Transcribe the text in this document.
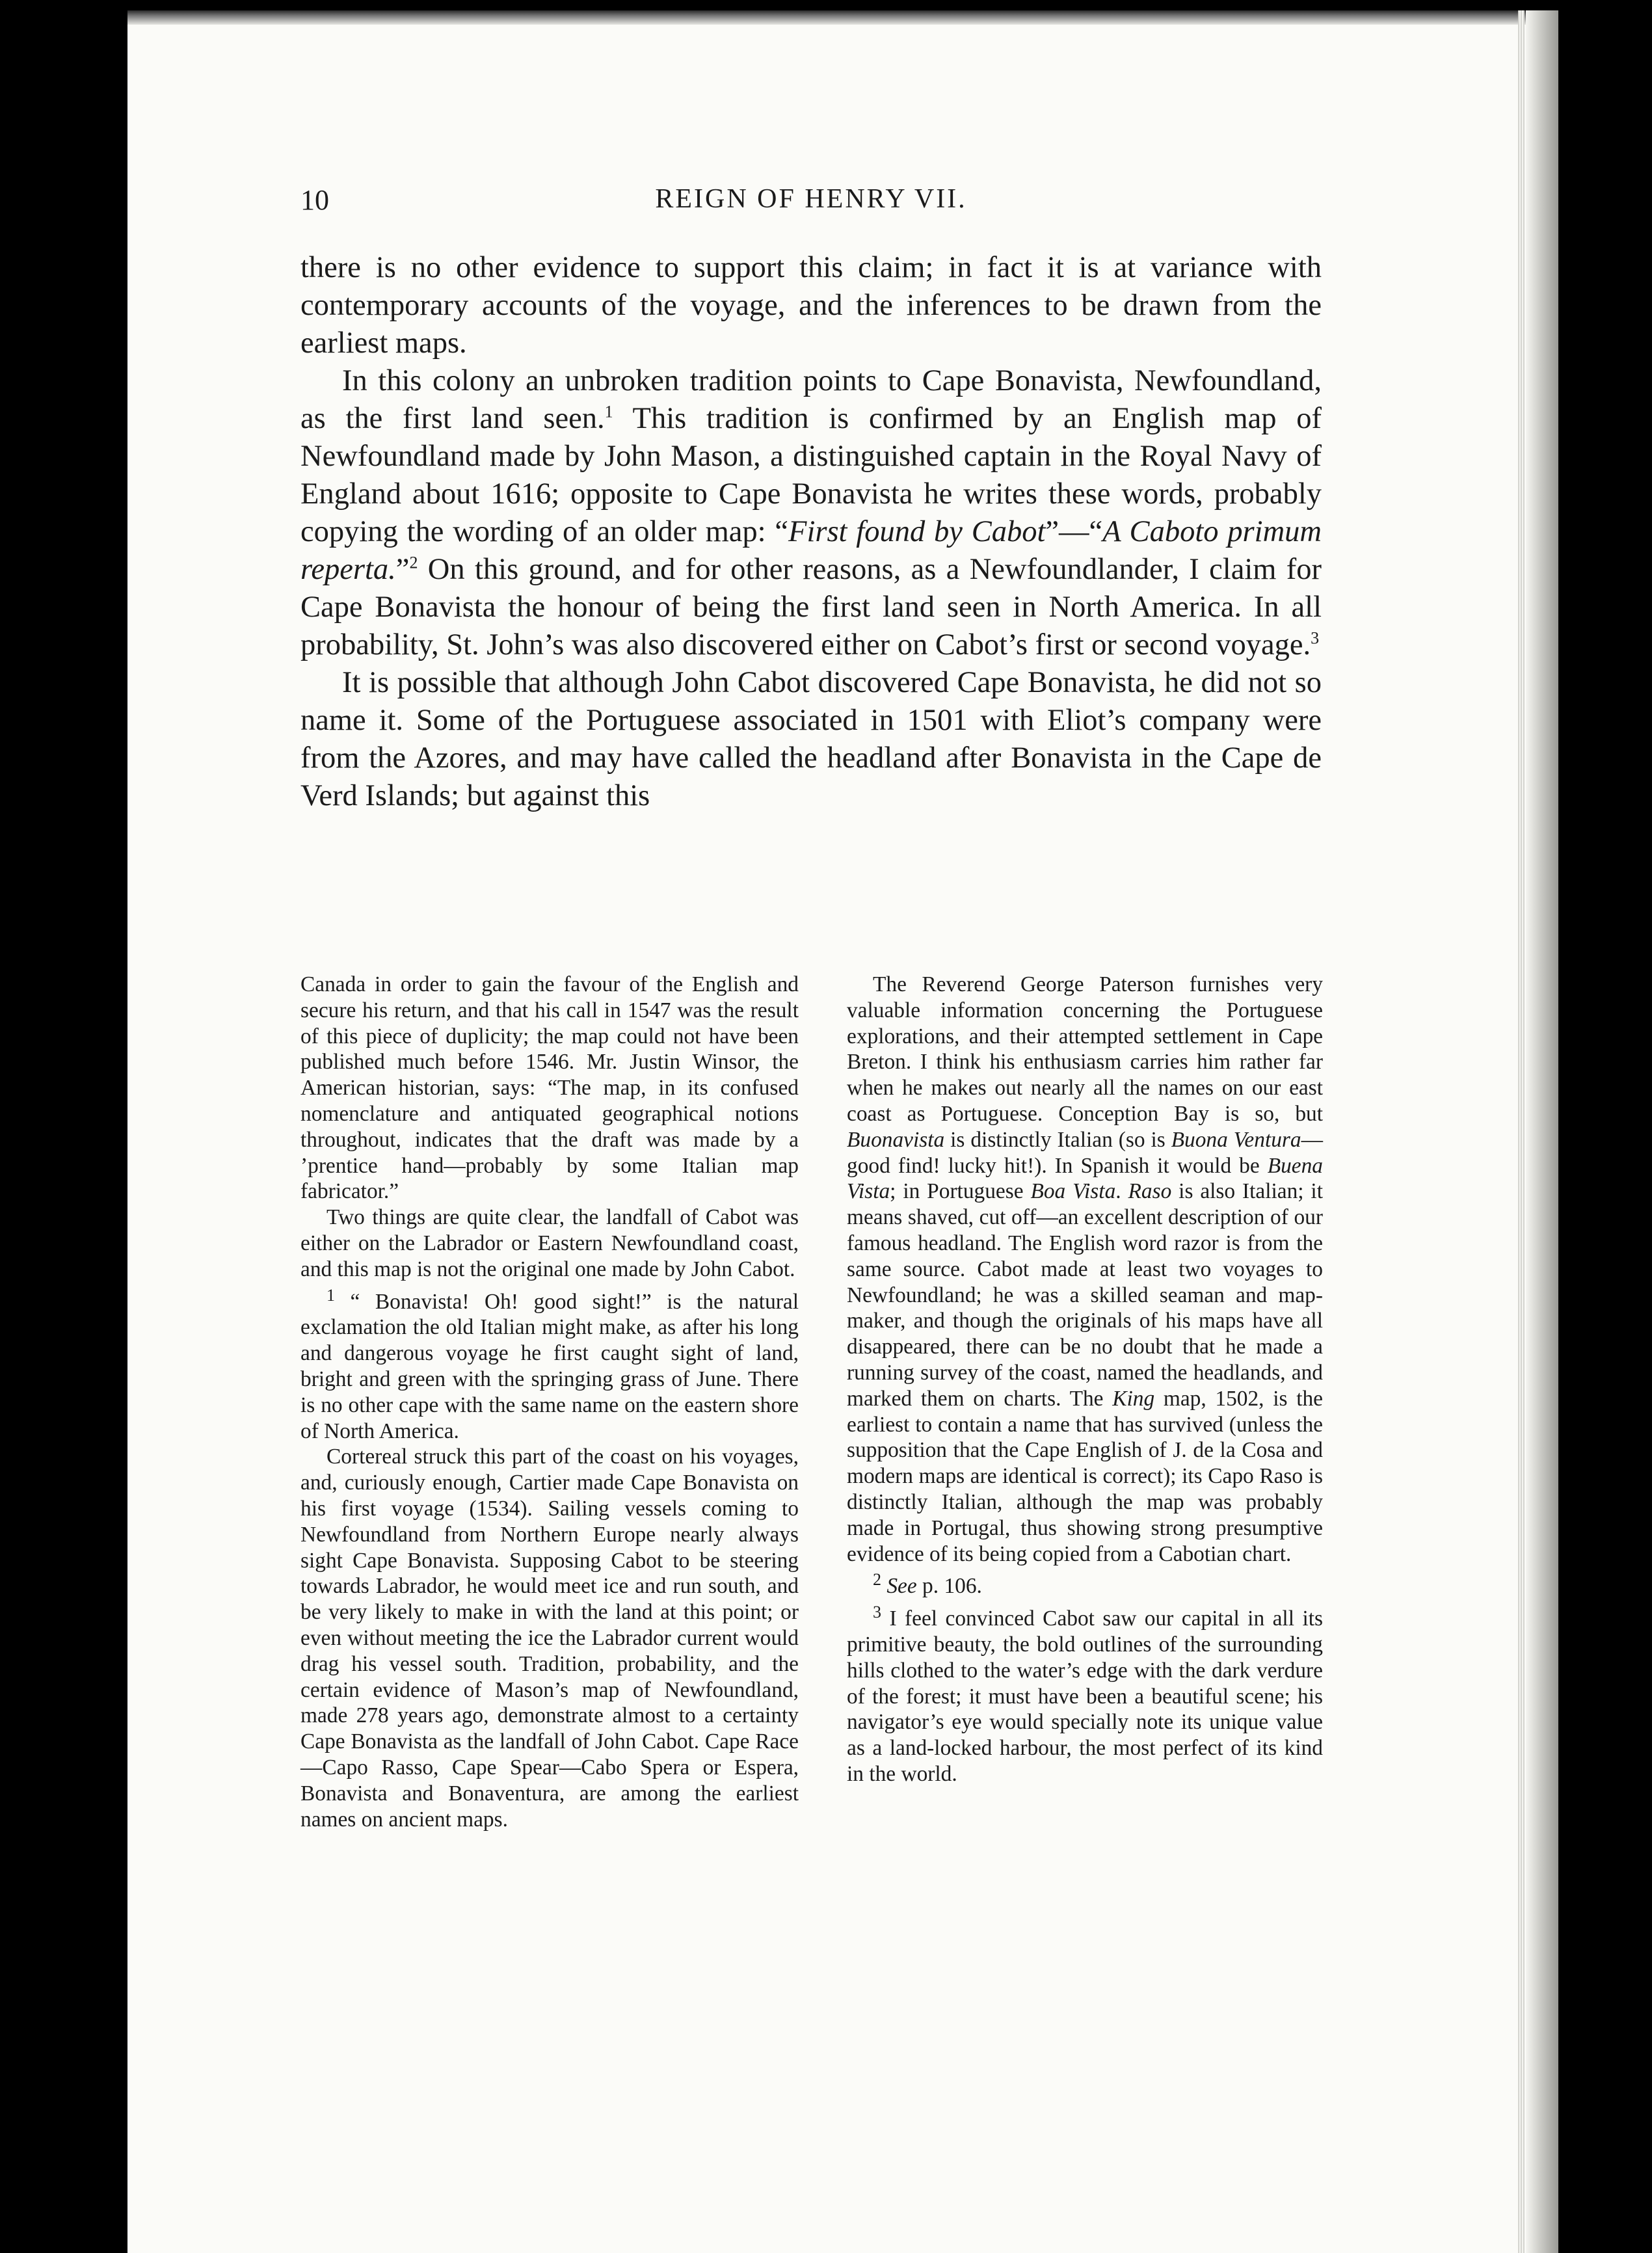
10	REIGN OF HENRY VII.

there is no other evidence to support this claim; in fact it is at variance with contemporary accounts of the voyage, and the inferences to be drawn from the earliest maps.

In this colony an unbroken tradition points to Cape Bonavista, Newfoundland, as the first land seen.$^1$ This tradition is confirmed by an English map of Newfoundland made by John Mason, a distinguished captain in the Royal Navy of England about 1616; opposite to Cape Bonavista he writes these words, probably copying the wording of an older map: “First found by Cabot”—“A Caboto primum reperta.”$^2$ On this ground, and for other reasons, as a Newfoundlander, I claim for Cape Bonavista the honour of being the first land seen in North America. In all probability, St. John’s was also discovered either on Cabot’s first or second voyage.$^3$

It is possible that although John Cabot discovered Cape Bonavista, he did not so name it. Some of the Portuguese associated in 1501 with Eliot’s company were from the Azores, and may have called the headland after Bonavista in the Cape de Verd Islands; but against this

Canada in order to gain the favour of the English and secure his return, and that his call in 1547 was the result of this piece of duplicity; the map could not have been published much before 1546. Mr. Justin Winsor, the American historian, says: “The map, in its confused nomenclature and antiquated geographical notions throughout, indicates that the draft was made by a ’prentice hand—probably by some Italian map fabricator.”

Two things are quite clear, the landfall of Cabot was either on the Labrador or Eastern Newfoundland coast, and this map is not the original one made by John Cabot.

$^1$ “ Bonavista! Oh! good sight!” is the natural exclamation the old Italian might make, as after his long and dangerous voyage he first caught sight of land, bright and green with the springing grass of June. There is no other cape with the same name on the eastern shore of North America.

Cortereal struck this part of the coast on his voyages, and, curiously enough, Cartier made Cape Bonavista on his first voyage (1534). Sailing vessels coming to Newfoundland from Northern Europe nearly always sight Cape Bonavista. Supposing Cabot to be steering towards Labrador, he would meet ice and run south, and be very likely to make in with the land at this point; or even without meeting the ice the Labrador current would drag his vessel south. Tradition, probability, and the certain evidence of Mason’s map of Newfoundland, made 278 years ago, demonstrate almost to a certainty Cape Bonavista as the landfall of John Cabot. Cape Race—Capo Rasso, Cape Spear—Cabo Spera or Espera, Bonavista and Bonaventura, are among the earliest names on ancient maps.

The Reverend George Paterson furnishes very valuable information concerning the Portuguese explorations, and their attempted settlement in Cape Breton. I think his enthusiasm carries him rather far when he makes out nearly all the names on our east coast as Portuguese. Conception Bay is so, but Buonavista is distinctly Italian (so is Buona Ventura—good find! lucky hit!). In Spanish it would be Buena Vista; in Portuguese Boa Vista. Raso is also Italian; it means shaved, cut off—an excellent description of our famous headland. The English word razor is from the same source. Cabot made at least two voyages to Newfoundland; he was a skilled seaman and map-maker, and though the originals of his maps have all disappeared, there can be no doubt that he made a running survey of the coast, named the headlands, and marked them on charts. The King map, 1502, is the earliest to contain a name that has survived (unless the supposition that the Cape English of J. de la Cosa and modern maps are identical is correct); its Capo Raso is distinctly Italian, although the map was probably made in Portugal, thus showing strong presumptive evidence of its being copied from a Cabotian chart.

$^2$ See p. 106.

$^3$ I feel convinced Cabot saw our capital in all its primitive beauty, the bold outlines of the surrounding hills clothed to the water’s edge with the dark verdure of the forest; it must have been a beautiful scene; his navigator’s eye would specially note its unique value as a land-locked harbour, the most perfect of its kind in the world.
